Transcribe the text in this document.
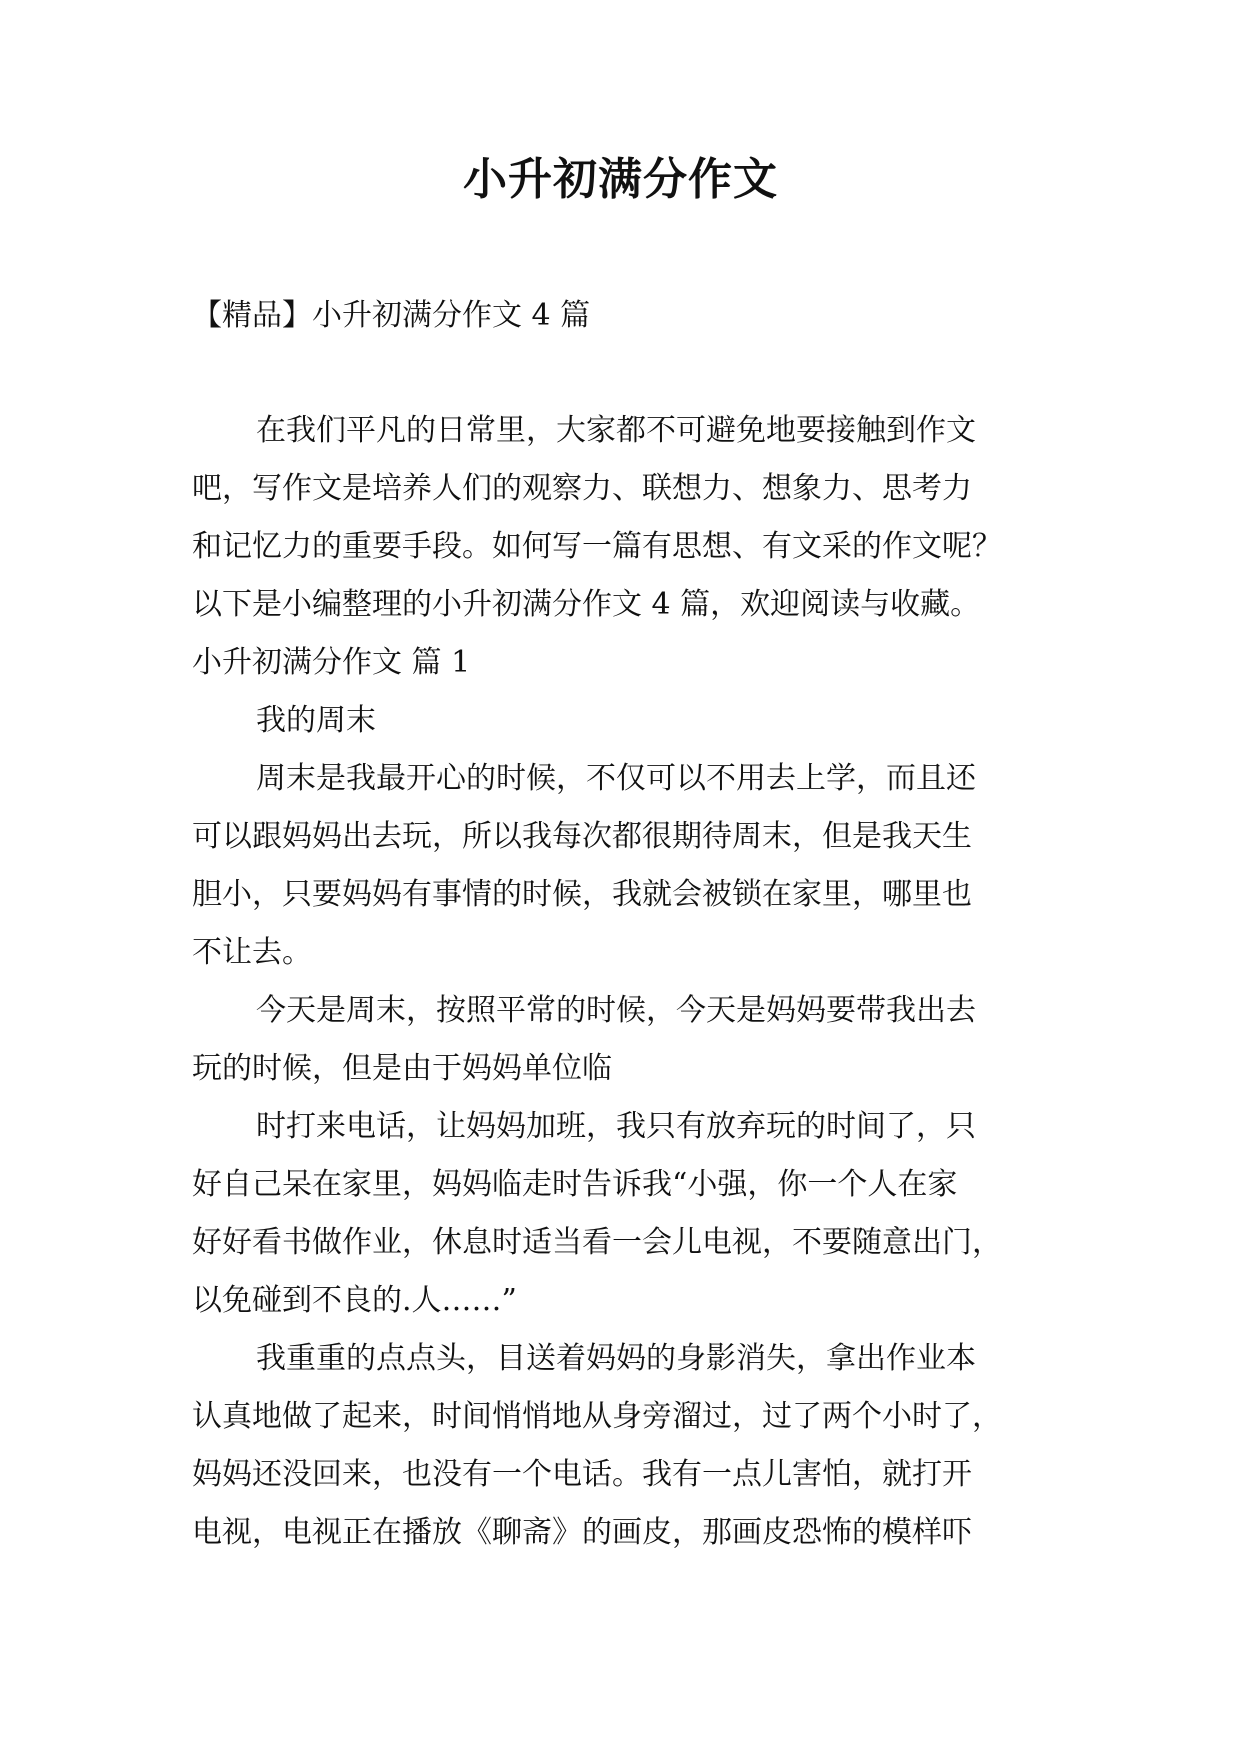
小升初满分作文
【精品】小升初满分作文 4 篇
在我们平凡的日常里，大家都不可避免地要接触到作文
吧，写作文是培养人们的观察力、联想力、想象力、思考力
和记忆力的重要手段。如何写一篇有思想、有文采的作文呢？
以下是小编整理的小升初满分作文 4 篇，欢迎阅读与收藏。
小升初满分作文 篇 1
我的周末
周末是我最开心的时候，不仅可以不用去上学，而且还
可以跟妈妈出去玩，所以我每次都很期待周末，但是我天生
胆小，只要妈妈有事情的时候，我就会被锁在家里，哪里也
不让去。
今天是周末，按照平常的时候，今天是妈妈要带我出去
玩的时候，但是由于妈妈单位临
时打来电话，让妈妈加班，我只有放弃玩的时间了，只
好自己呆在家里，妈妈临走时告诉我“小强，你一个人在家
好好看书做作业，休息时适当看一会儿电视，不要随意出门，
以免碰到不良的.人……”
我重重的点点头，目送着妈妈的身影消失，拿出作业本
认真地做了起来，时间悄悄地从身旁溜过，过了两个小时了，
妈妈还没回来，也没有一个电话。我有一点儿害怕，就打开
电视，电视正在播放《聊斋》的画皮，那画皮恐怖的模样吓
